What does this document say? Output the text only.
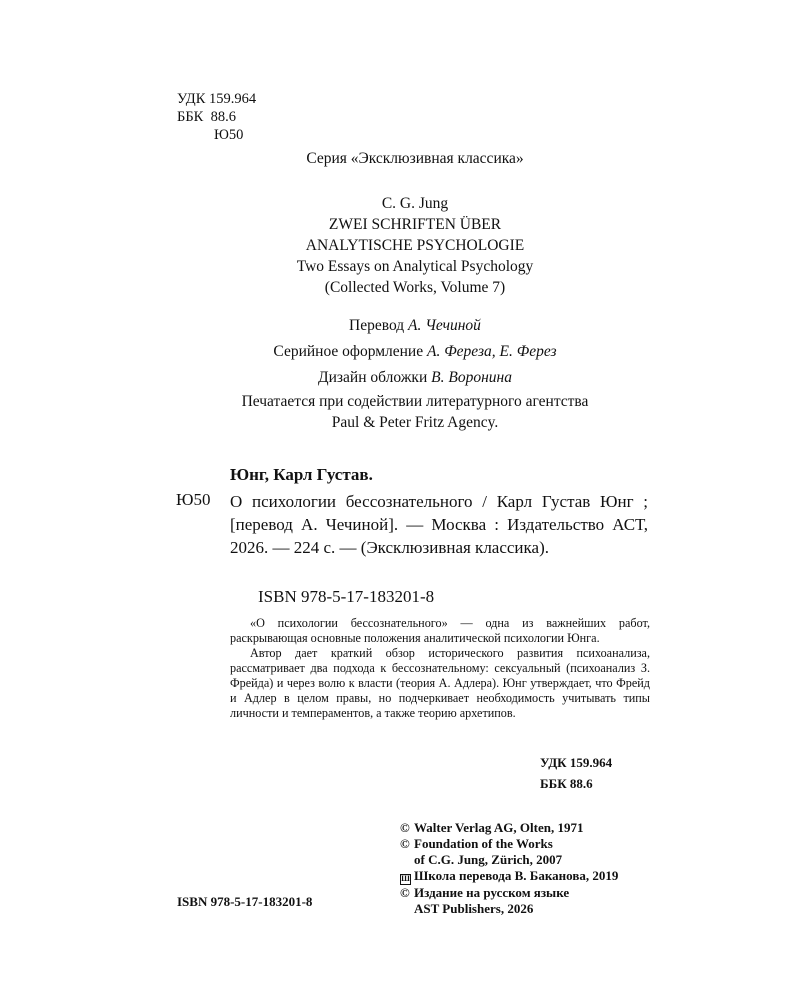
УДК 159.964
ББК  88.6
Ю50
Серия «Эксклюзивная классика»
C. G. Jung
ZWEI SCHRIFTEN ÜBER
ANALYTISCHE PSYCHOLOGIE
Two Essays on Analytical Psychology
(Collected Works, Volume 7)
Перевод А. Чечиной
Серийное оформление А. Фереза, Е. Ферез
Дизайн обложки В. Воронина
Печатается при содействии литературного агентства
Paul & Peter Fritz Agency.
Юнг, Карл Густав.
Ю50 О психологии бессознательного / Карл Густав Юнг ; [перевод А. Чечиной]. — Москва : Издательство АСТ, 2026. — 224 с. — (Эксклюзивная классика).
ISBN 978-5-17-183201-8

«О психологии бессознательного» — одна из важнейших работ, раскрывающая основные положения аналитической психологии Юнга.

Автор дает краткий обзор исторического развития психоанализа, рассматривает два подхода к бессознательному: сексуальный (психоанализ З. Фрейда) и через волю к власти (теория А. Адлера). Юнг утверждает, что Фрейд и Адлер в целом правы, но подчеркивает необходимость учитывать типы личности и темпераментов, а также теорию архетипов.

УДК 159.964
ББК 88.6
© Walter Verlag AG, Olten, 1971
© Foundation of the Works
of C.G. Jung, Zürich, 2007
Ш Школа перевода В. Баканова, 2019
© Издание на русском языке
AST Publishers, 2026
ISBN 978-5-17-183201-8
